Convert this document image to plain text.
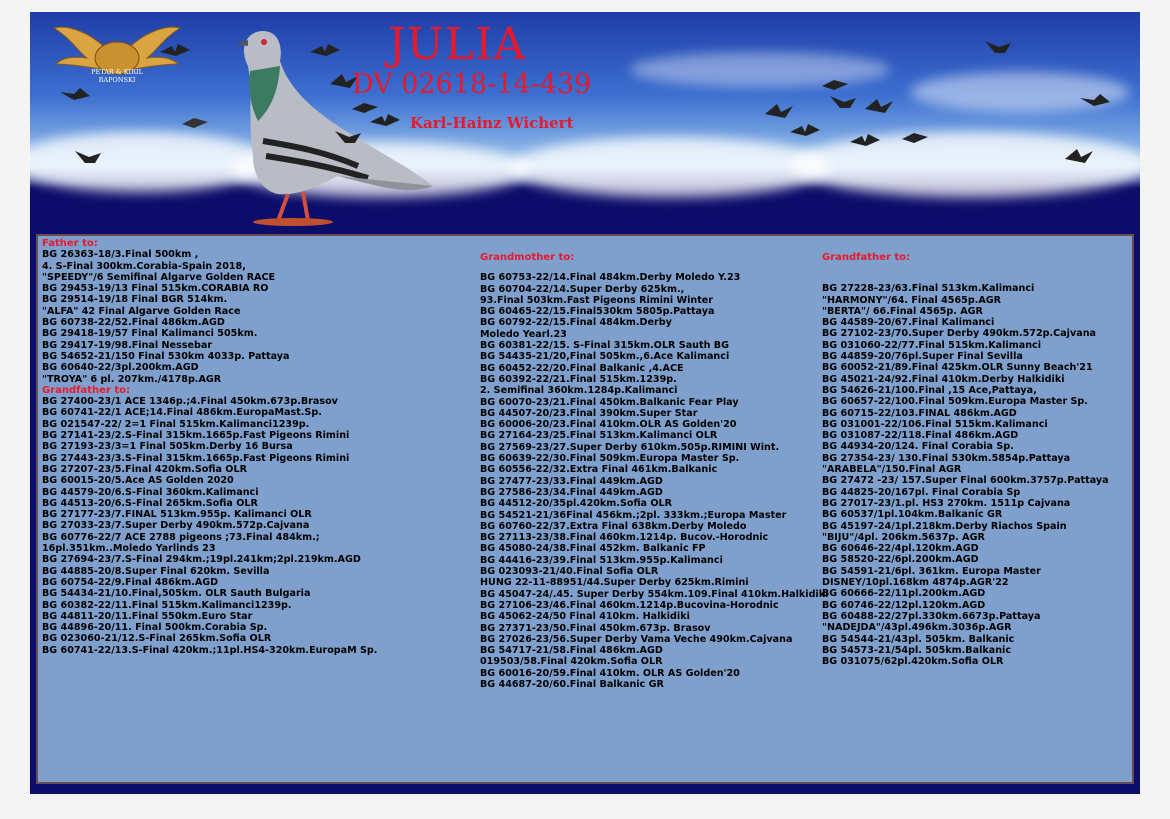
PETAR & KIRIL
RAPONSKI
JULIA
DV 02618-14-439
Karl-Hainz Wichert
Father to:
BG 26363-18/3.Final 500km ,
4. S-Final 300km.Corabia-Spain 2018,
"SPEEDY"/6 Semifinal Algarve Golden RACE
BG 29453-19/13 Final 515km.CORABIA RO
BG 29514-19/18 Final BGR 514km.
"ALFA" 42 Final Algarve Golden Race
BG 60738-22/52.Final 486km.AGD
BG 29418-19/57 Final Kalimanci 505km.
BG 29417-19/98.Final Nessebar
BG 54652-21/150 Final 530km 4033p. Pattaya
BG 60640-22/3pl.200km.AGD
"TROYA" 6 pl. 207km./4178p.AGR
Grandfather to:
BG 27400-23/1 ACE 1346p.;4.Final 450km.673p.Brasov
BG 60741-22/1 ACE;14.Final 486km.EuropaMast.Sp.
BG 021547-22/ 2=1 Final 515km.Kalimanci1239p.
BG 27141-23/2.S-Final 315km.1665p.Fast Pigeons Rimini
BG 27193-23/3=1 Final 505km.Derby 16 Bursa
BG 27443-23/3.S-Final 315km.1665p.Fast Pigeons Rimini
BG 27207-23/5.Final 420km.Sofia OLR
BG 60015-20/5.Ace AS Golden 2020
BG 44579-20/6.S-Final 360km.Kalimanci
BG 44513-20/6.S-Final 265km.Sofia OLR
BG 27177-23/7.FINAL 513km.955p. Kalimanci OLR
BG 27033-23/7.Super Derby 490km.572p.Cajvana
BG 60776-22/7 ACE 2788 pigeons ;73.Final 484km.;
16pl.351km..Moledo Yarlinds 23
BG 27694-23/7.S-Final 294km.;19pl.241km;2pl.219km.AGD
BG 44885-20/8.Super Final 620km. Sevilla
BG 60754-22/9.Final 486km.AGD
BG 54434-21/10.Final,505km. OLR Sauth Bulgaria
BG 60382-22/11.Final 515km.Kalimanci1239p.
BG 44811-20/11.Final 550km.Euro Star
BG 44896-20/11. Final 500km.Corabia Sp.
BG 023060-21/12.S-Final 265km.Sofia OLR
BG 60741-22/13.S-Final 420km.;11pl.HS4-320km.EuropaM Sp.
Grandmother to:
BG 60753-22/14.Final 484km.Derby Moledo Y.23
BG 60704-22/14.Super Derby 625km.,
93.Final 503km.Fast Pigeons Rimini Winter
BG 60465-22/15.Final530km 5805p.Pattaya
BG 60792-22/15.Final 484km.Derby
Moledo Yearl.23
BG 60381-22/15. S-Final 315km.OLR Sauth BG
BG 54435-21/20,Final 505km.,6.Ace Kalimanci
BG 60452-22/20.Final Balkanic ,4.ACE
BG 60392-22/21.Final 515km.1239p.
2. Semifinal 360km.1284p.Kalimanci
BG 60070-23/21.Final 450km.Balkanic Fear Play
BG 44507-20/23.Final 390km.Super Star
BG 60006-20/23.Final 410km.OLR AS Golden'20
BG 27164-23/25.Final 513km.Kalimanci OLR
BG 27569-23/27.Super Derby 610km.505p.RIMINI Wint.
BG 60639-22/30.Final 509km.Europa Master Sp.
BG 60556-22/32.Extra Final 461km.Balkanic
BG 27477-23/33.Final 449km.AGD
BG 27586-23/34.Final 449km.AGD
BG 44512-20/35pl.420km.Sofia OLR
BG 54521-21/36Final 456km.;2pl. 333km.;Europa Master
BG 60760-22/37.Extra Final 638km.Derby Moledo
BG 27113-23/38.Final 460km.1214p. Bucov.-Horodnic
BG 45080-24/38.Final 452km. Balkanic FP
BG 44416-23/39.Final 513km.955p.Kalimanci
BG 023093-21/40.Final Sofia OLR
HUNG 22-11-88951/44.Super Derby 625km.Rimini
BG 45047-24/.45. Super Derby 554km.109.Final 410km.Halkidiki
BG 27106-23/46.Final 460km.1214p.Bucovina-Horodnic
BG 45062-24/50 Final 410km. Halkidiki
BG 27371-23/50.Final 450km.673p. Brasov
BG 27026-23/56.Super Derby Vama Veche 490km.Cajvana
BG 54717-21/58.Final 486km.AGD
019503/58.Final 420km.Sofia OLR
BG 60016-20/59.Final 410km. OLR AS Golden'20
BG 44687-20/60.Final Balkanic GR
Grandfather to:
BG 27228-23/63.Final 513km.Kalimanci
"HARMONY"/64. Final 4565p.AGR
"BERTA"/ 66.Final 4565p. AGR
BG 44589-20/67.Final Kalimanci
BG 27102-23/70.Super Derby 490km.572p.Cajvana
BG 031060-22/77.Final 515km.Kalimanci
BG 44859-20/76pl.Super Final Sevilla
BG 60052-21/89.Final 425km.OLR Sunny Beach'21
BG 45021-24/92.Final 410km.Derby Halkidiki
BG 54626-21/100.Final ,15 Ace,Pattaya,
BG 60657-22/100.Final 509km.Europa Master Sp.
BG 60715-22/103.FINAL 486km.AGD
BG 031001-22/106.Final 515km.Kalimanci
BG 031087-22/118.Final 486km.AGD
BG 44934-20/124. Final Corabia Sp.
BG 27354-23/ 130.Final 530km.5854p.Pattaya
"ARABELA"/150.Final AGR
BG 27472 -23/ 157.Super Final 600km.3757p.Pattaya
BG 44825-20/167pl. Final Corabia Sp
BG 27017-23/1.pl. HS3 270km. 1511p Cajvana
BG 60537/1pl.104km.Balkanic GR
BG 45197-24/1pl.218km.Derby Riachos Spain
"BIJU"/4pl. 206km.5637p. AGR
BG 60646-22/4pl.120km.AGD
BG 58520-22/6pl.200km.AGD
BG 54591-21/6pl. 361km. Europa Master
DISNEY/10pl.168km 4874p.AGR'22
BG 60666-22/11pl.200km.AGD
BG 60746-22/12pl.120km.AGD
BG 60488-22/27pl.330km.6673p.Pattaya
"NADEJDA"/43pl.496km.3036p.AGR
BG 54544-21/43pl. 505km. Balkanic
BG 54573-21/54pl. 505km.Balkanic
BG 031075/62pl.420km.Sofia OLR
